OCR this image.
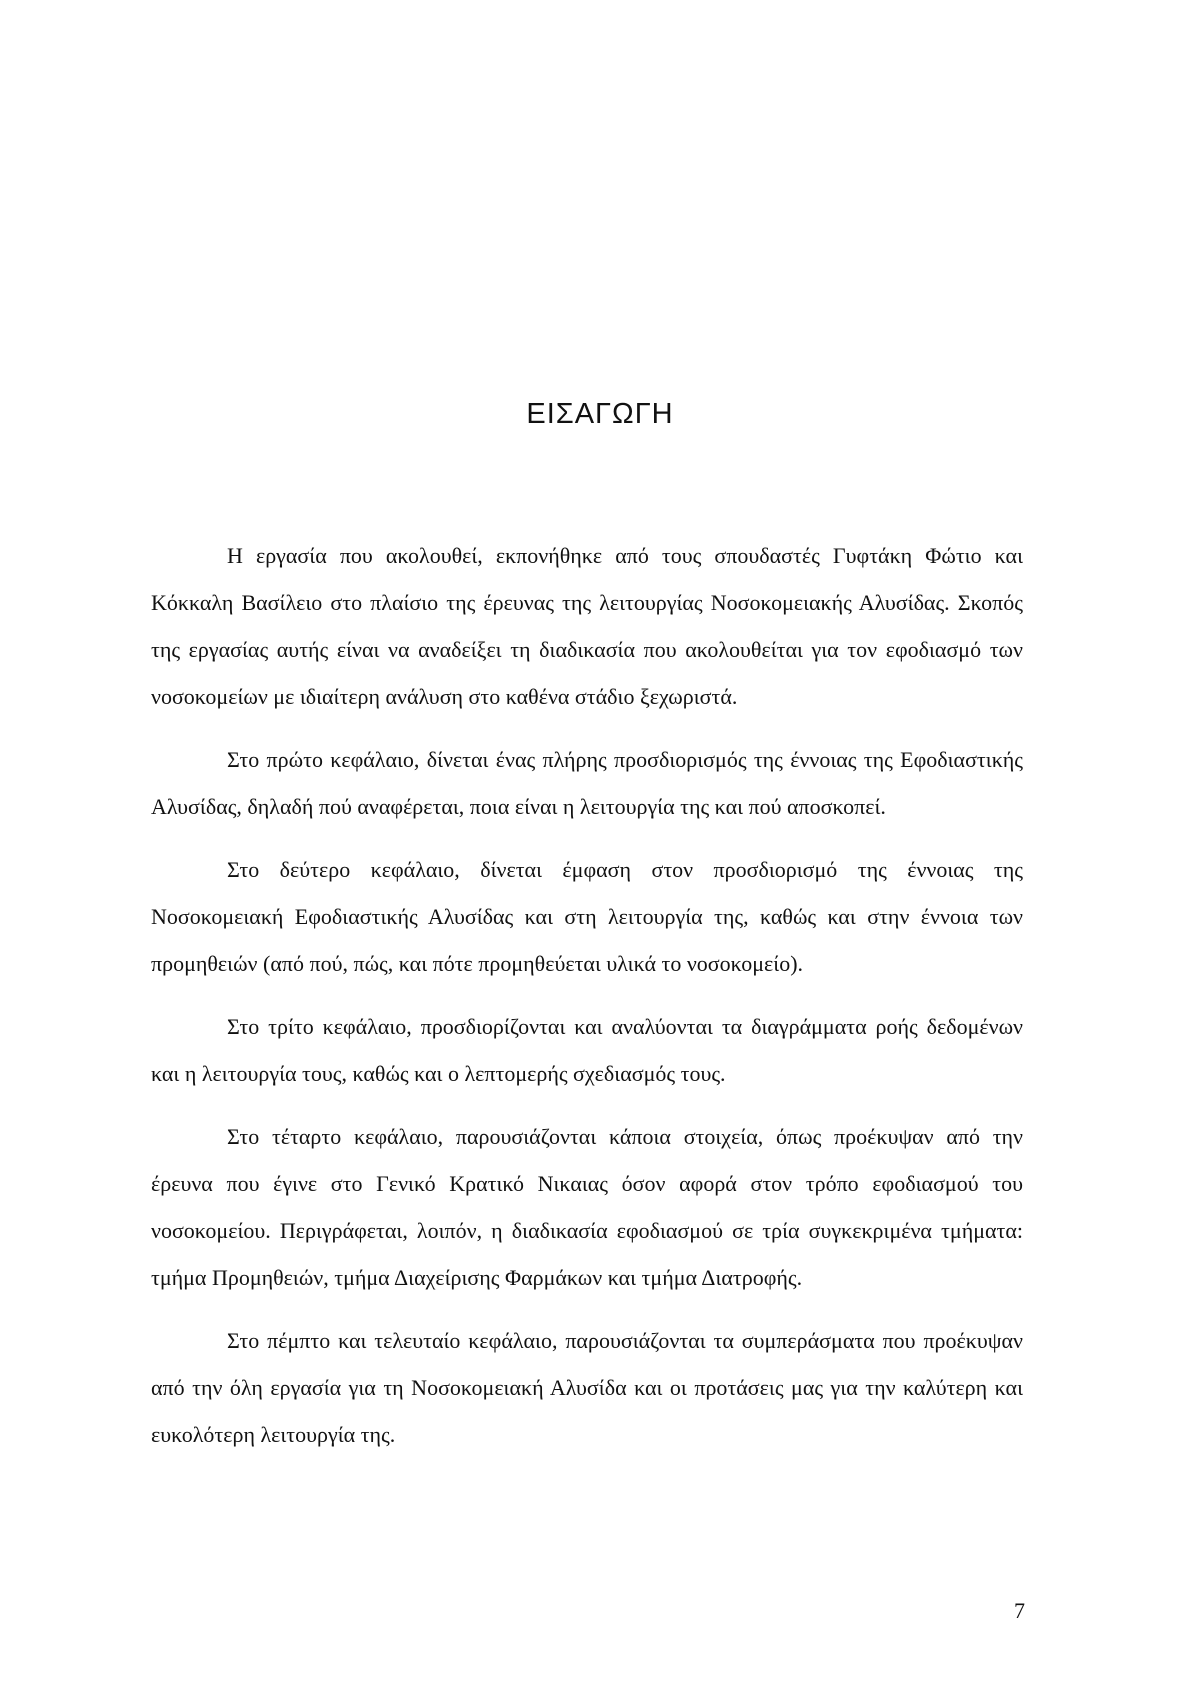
ΕΙΣΑΓΩΓΗ

Η εργασία που ακολουθεί, εκπονήθηκε από τους σπουδαστές Γυφτάκη Φώτιο και Κόκκαλη Βασίλειο στο πλαίσιο της έρευνας της λειτουργίας Νοσοκομειακής Αλυσίδας. Σκοπός της εργασίας αυτής είναι να αναδείξει τη διαδικασία που ακολουθείται για τον εφοδιασμό των νοσοκομείων με ιδιαίτερη ανάλυση στο καθένα στάδιο ξεχωριστά.

Στο πρώτο κεφάλαιο, δίνεται ένας πλήρης προσδιορισμός της έννοιας της Εφοδιαστικής Αλυσίδας, δηλαδή πού αναφέρεται, ποια είναι η λειτουργία της και πού αποσκοπεί.

Στο δεύτερο κεφάλαιο, δίνεται έμφαση στον προσδιορισμό της έννοιας της Νοσοκομειακή Εφοδιαστικής Αλυσίδας και στη λειτουργία της, καθώς και στην έννοια των προμηθειών (από πού, πώς, και πότε προμηθεύεται υλικά το νοσοκομείο).

Στο τρίτο κεφάλαιο, προσδιορίζονται και αναλύονται τα διαγράμματα ροής δεδομένων και η λειτουργία τους, καθώς και ο λεπτομερής σχεδιασμός τους.

Στο τέταρτο κεφάλαιο, παρουσιάζονται κάποια στοιχεία, όπως προέκυψαν από την έρευνα που έγινε στο Γενικό Κρατικό Νικαιας όσον αφορά στον τρόπο εφοδιασμού του νοσοκομείου. Περιγράφεται, λοιπόν, η διαδικασία εφοδιασμού σε τρία συγκεκριμένα τμήματα: τμήμα Προμηθειών, τμήμα Διαχείρισης Φαρμάκων και τμήμα Διατροφής.

Στο πέμπτο και τελευταίο κεφάλαιο, παρουσιάζονται τα συμπεράσματα που προέκυψαν από την όλη εργασία για τη Νοσοκομειακή Αλυσίδα και οι προτάσεις μας για την καλύτερη και ευκολότερη λειτουργία της.

7
